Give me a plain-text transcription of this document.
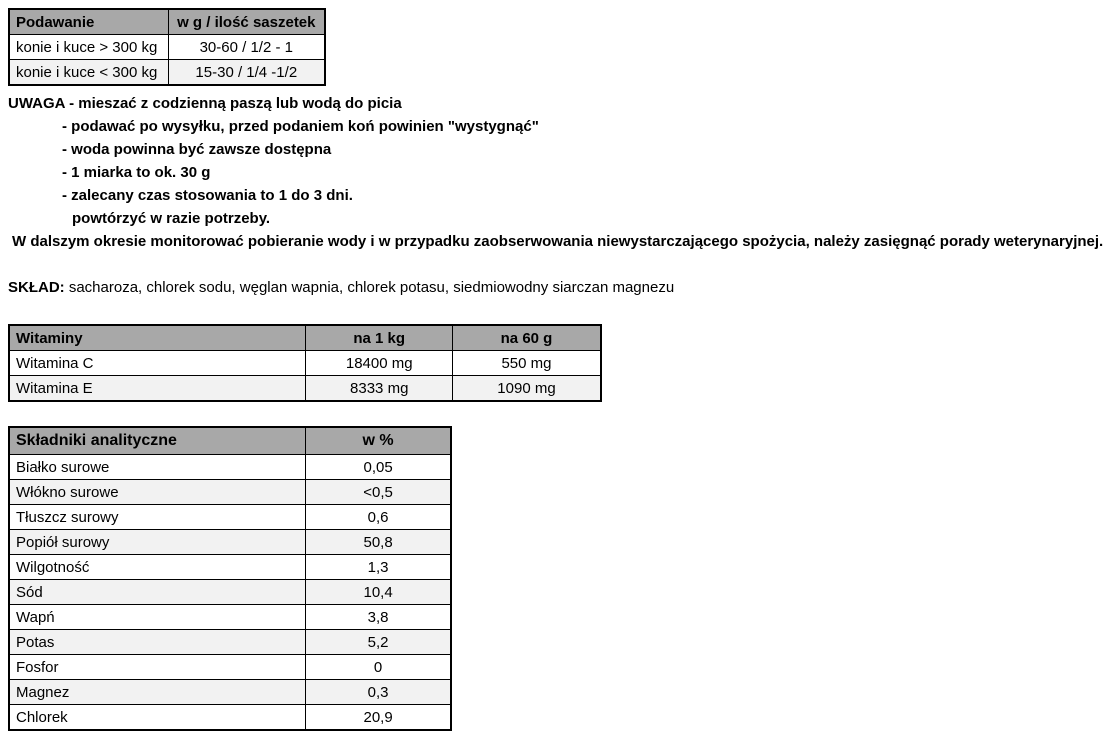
Podawanie	w g / ilość saszetek
konie i kuce > 300 kg	30-60 / 1/2 - 1
konie i kuce < 300 kg	15-30 / 1/4 -1/2
UWAGA - mieszać z codzienną paszą lub wodą do picia
- podawać po wysyłku, przed podaniem koń powinien "wystygnąć"
- woda powinna być zawsze dostępna
- 1 miarka to ok. 30 g
- zalecany czas stosowania to 1 do 3 dni.
powtórzyć w razie potrzeby.
W dalszym okresie monitorować pobieranie wody i w przypadku zaobserwowania niewystarczającego spożycia, należy zasięgnąć porady weterynaryjnej.

SKŁAD: sacharoza, chlorek sodu, węglan wapnia, chlorek potasu, siedmiowodny siarczan magnezu

Witaminy	na 1 kg	na 60 g
Witamina C	18400 mg	550 mg
Witamina E	8333 mg	1090 mg
Składniki analityczne	w %
Białko surowe	0,05
Włókno surowe	<0,5
Tłuszcz surowy	0,6
Popiół surowy	50,8
Wilgotność	1,3
Sód	10,4
Wapń	3,8
Potas	5,2
Fosfor	0
Magnez	0,3
Chlorek	20,9
